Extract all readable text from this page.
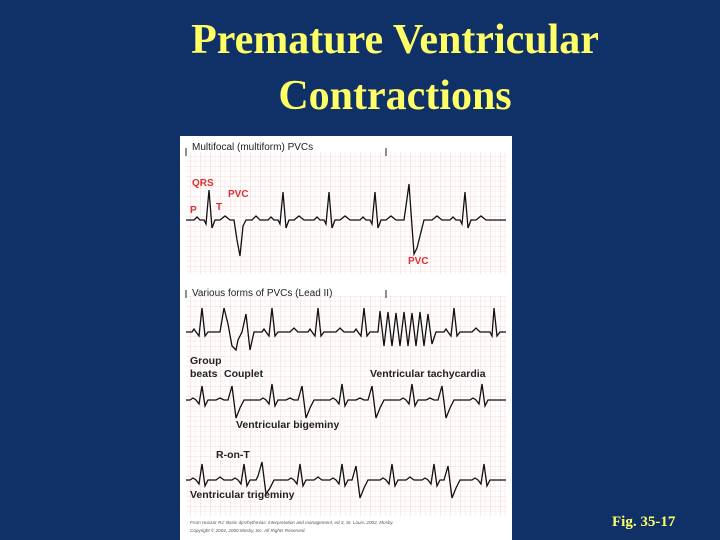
Premature Ventricular
Contractions
Multifocal (multiform) PVCs
QRS
PVC
P T
PVC
Various forms of PVCs (Lead II)
Group
beats Couplet	Ventricular tachycardia
Ventricular bigeminy
R-on-T
Ventricular trigeminy
From Huszar RJ: Basic dysrhythmias: interpretation and management, ed 3, St. Louis, 2002, Mosby.
Copyright © 2004, 2000 Mosby, Inc. All Rights Reserved.
Fig. 35-17
